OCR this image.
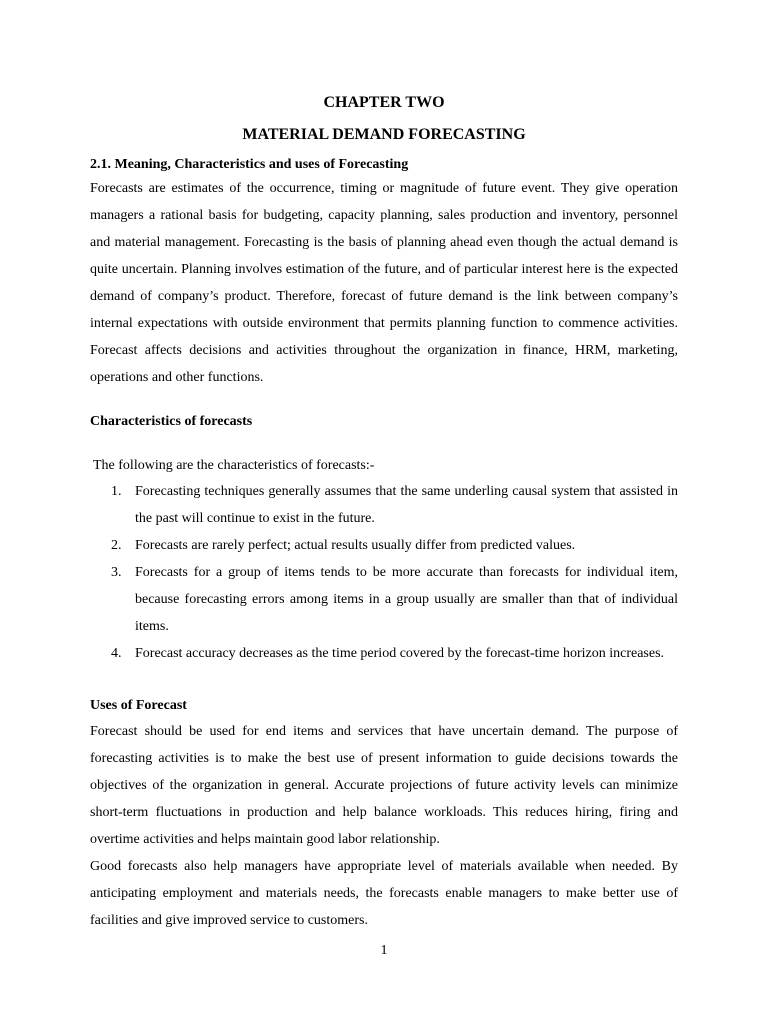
CHAPTER TWO
MATERIAL DEMAND FORECASTING
2.1. Meaning, Characteristics and uses of Forecasting

Forecasts are estimates of the occurrence, timing or magnitude of future event. They give operation managers a rational basis for budgeting, capacity planning, sales production and inventory, personnel and material management. Forecasting is the basis of planning ahead even though the actual demand is quite uncertain. Planning involves estimation of the future, and of particular interest here is the expected demand of company’s product. Therefore, forecast of future demand is the link between company’s internal expectations with outside environment that permits planning function to commence activities. Forecast affects decisions and activities throughout the organization in finance, HRM, marketing, operations and other functions.

Characteristics of forecasts
The following are the characteristics of forecasts:-
1. Forecasting techniques generally assumes that the same underling causal system that assisted in the past will continue to exist in the future.
2. Forecasts are rarely perfect; actual results usually differ from predicted values.
3. Forecasts for a group of items tends to be more accurate than forecasts for individual item, because forecasting errors among items in a group usually are smaller than that of individual items.
4. Forecast accuracy decreases as the time period covered by the forecast-time horizon increases.
Uses of Forecast

Forecast should be used for end items and services that have uncertain demand. The purpose of forecasting activities is to make the best use of present information to guide decisions towards the objectives of the organization in general. Accurate projections of future activity levels can minimize short-term fluctuations in production and help balance workloads. This reduces hiring, firing and overtime activities and helps maintain good labor relationship.

Good forecasts also help managers have appropriate level of materials available when needed. By anticipating employment and materials needs, the forecasts enable managers to make better use of facilities and give improved service to customers.

1
